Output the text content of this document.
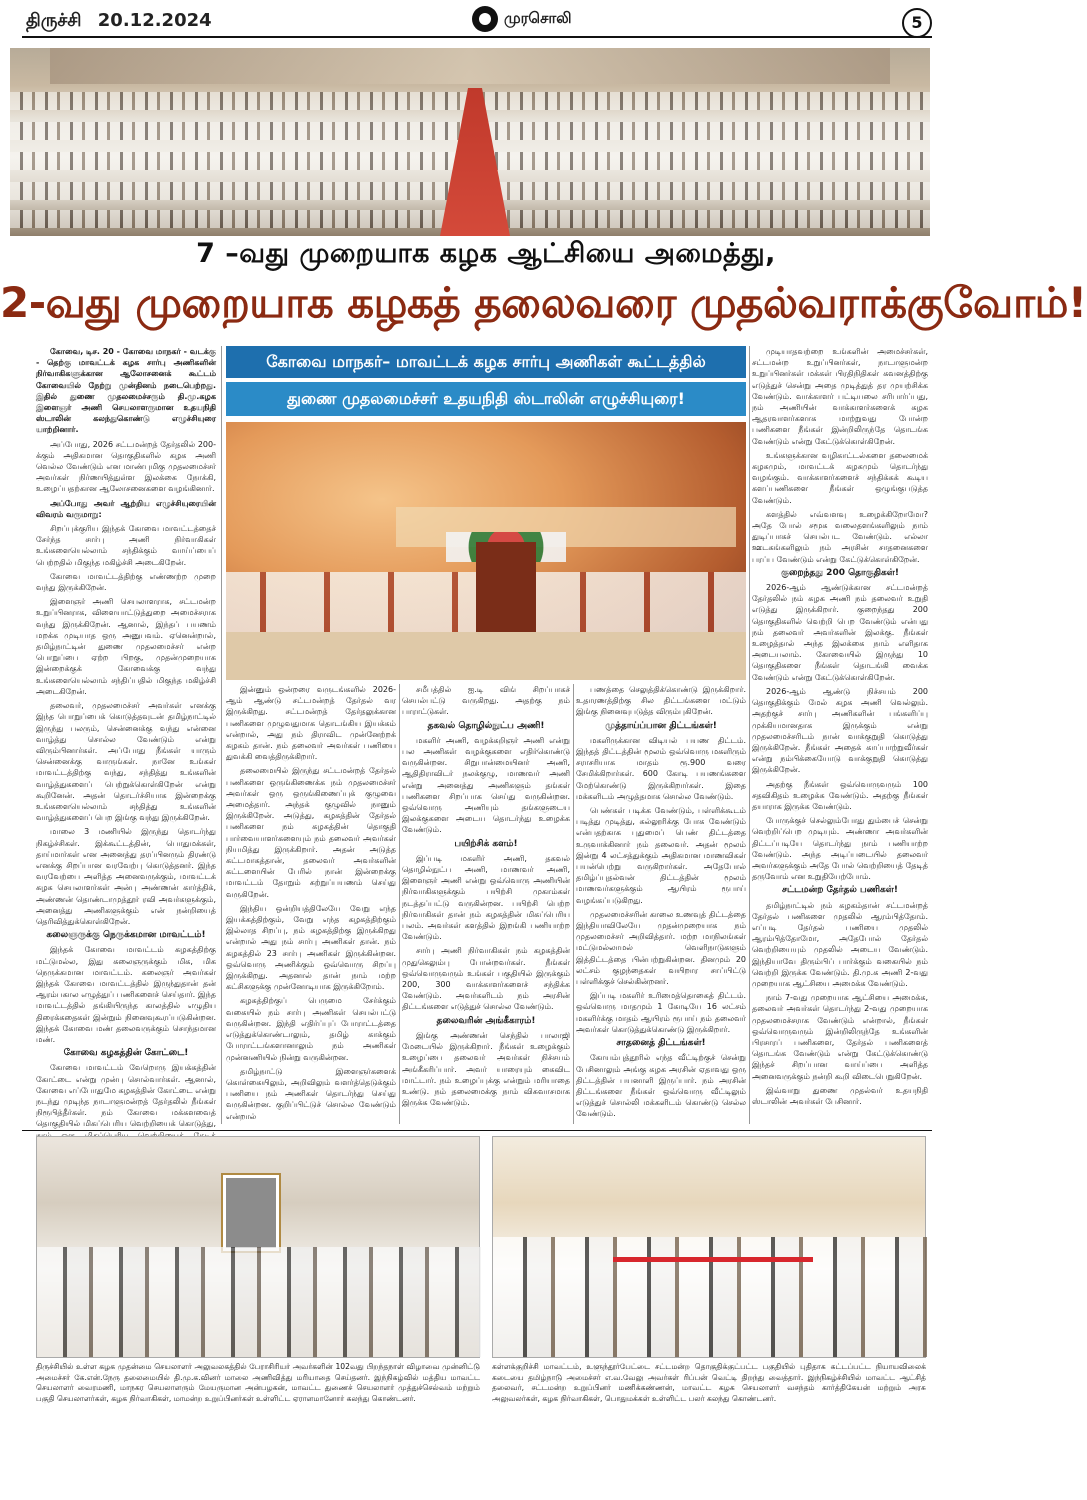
திருச்சி 20.12.2024	முரசொலி	5
7 –வது முறையாக கழக ஆட்சியை அமைத்து,
2-வது முறையாக கழகத் தலைவரை முதல்வராக்குவோம்!
கோவை மாநகர்– மாவட்டக் கழக சார்பு அணிகள் கூட்டத்தில்
துணை முதலமைச்சர் உதயநிதி ஸ்டாலின் எழுச்சியுரை!

கோவை, டிச. 20 - கோவை மாநகர் - வடக்கு - தெற்கு மாவட்டக் கழக சார்பு அணிகளின் நிர்வாகிகளுக்கான ஆலோசனைக் கூட்டம் கோவையில் நேற்று முன்தினம் நடைபெற்றது. இதில் துணை முதலமைச்சரும் தி.மு.கழக இளைஞர் அணி செயலாளருமான உதயநிதி ஸ்டாலின் கலந்துகொண்டு எழுச்சியுரை யாற்றினார்.

அப்போது, 2026 சட்டமன்றத் தேர்தலில் 200-க்கும் அதிகமான தொகுதிகளில் கழக அணி வெல்ல வேண்டும் என மாண்புமிகு முதலமைச்சர் அவர்கள் நிர்ணயித்துள்ள இலக்கை நோக்கி, உழைப்பதற்கான ஆலோசனைகளை வழங்கினார்.

அப்போது அவர் ஆற்றிய எழுச்சியுரையின் விவரம் வருமாறு:

சிறப்புக்குரிய இந்தக் கோவை மாவட்டத்தைச் சேர்ந்த சார்பு அணி நிர்வாகிகள் உங்களையெல்லாம் சந்திக்கும் வாய்ப்பைப் பெற்றதில் மிகுந்த மகிழ்ச்சி அடைகிறேன்.

கோவை மாவட்டத்திற்கு எண்ணற்ற முறை வந்து இருக்கிறேன்.

இளைஞர் அணி செயலாளராக, சட்டமன்ற உறுப்பினராக, விளையாட்டுத்துறை அமைச்சராக வந்து இருக்கிறேன். ஆனால், இந்தப் பயணம் மறக்க முடியாத ஒரு அனுபவம். ஏனென்றால், தமிழ்நாட்டின் துணை முதலமைச்சர் என்ற பொறுப்பை ஏற்ற பிறகு, முதன்முறையாக இன்றைக்குக் கோவைக்கு வந்து உங்களையெல்லாம் சந்திப்பதில் மிகுந்த மகிழ்ச்சி அடைகிறேன்.

தலைவர், முதலமைச்சர் அவர்கள் எனக்கு இந்த பொறுப்பைக் கொடுத்தவுடன் தமிழ்நாட்டில் இருந்து பலரும், சென்னைக்கு வந்து என்னை வாழ்த்து சொல்ல வேண்டும் என்று விரும்பினார்கள். அப்போது நீங்கள் யாரும் சென்னைக்கு வாருங்கள். நானே உங்கள் மாவட்டத்திற்கு வந்து, சந்தித்து உங்களின் வாழ்த்துகளைப் பெற்றுக்கொள்கிறேன் என்று கூறினேன். அதன் தொடர்ச்சியாக இன்றைக்கு உங்களையெல்லாம் சந்தித்து உங்களின் வாழ்த்துகளைப் பெற இங்கு வந்து இருக்கிறேன்.

மாலை 3 மணியில் இருந்து தொடர்ந்து நிகழ்ச்சிகள். இக்கூட்டத்தின், பொதுமக்கள், தாய்மார்கள் என அனைத்து தரப்பினரும் திரண்டு எனக்கு சிறப்பான வரவேற்பு கொடுத்தனர். இந்த வரவேற்பை அளித்த அனைவருக்கும், மாவட்டக் கழக செயலாளர்கள் அன்பு அண்ணன் கார்த்திக், அண்ணன் தொண்டாமுத்தூர் ரவி அவர்களுக்கும், அனைத்து அணிகளுக்கும் என் நன்றியைத் தெரிவித்துக்கொள்கிறேன்.

கலைஞருக்கு நெருக்கமான மாவட்டம்!

இந்தக் கோவை மாவட்டம் கழகத்திற்கு மட்டுமல்ல, இது கலைஞருக்கும் மிக, மிக நெருக்கமான மாவட்டம். கலைஞர் அவர்கள் இந்தக் கோவை மாவட்டத்தில் இருந்துதான் தன் ஆரம்பகால எழுத்துப் பணிகளைச் செய்தார். இந்த மாவட்டத்தில் தங்கியிருந்த காலத்தில் எழுதிய திரைக்கதைகள் இன்றும் நினைவுகூரப்படுகின்றன. இந்தக் கோவை மண் தலைவருக்கும் சொந்தமான மண்.

கோவை கழகத்தின் கோட்டை!

கோவை மாவட்டம் வேறொரு இயக்கத்தின் கோட்டை என்று முன்பு சொல்வார்கள். ஆனால், கோவை எப்போதுமே கழகத்தின் கோட்டை என்று நடந்து முடிந்த நாடாளுமன்றத் தேர்தலில் நீங்கள் நிரூபித்தீர்கள். நம் கோவை மக்களவைத் தொகுதியில் மிகப்பெரிய வெற்றியைக் கொடுத்து,

இன்னும் ஒன்றரை வருடங்களில் 2026-ஆம் ஆண்டு சட்டமன்றத் தேர்தல் வர இருக்கிறது. சட்டமன்றத் தேர்தலுக்கான பணிகளை முழுவதுமாக தொடங்கிய இயக்கம் என்றால், அது நம் திராவிட முன்னேற்றக் கழகம் தான். நம் தலைவர் அவர்கள் பணியை துவக்கி வைத்திருக்கிறார்.

தலைமையில் இருந்து சட்டமன்றத் தேர்தல் பணிகளை ஒருங்கிணைக்க நம் முதலமைச்சர் அவர்கள் ஒரு ஒருங்கிணைப்புக் குழுவை அமைத்தார். அந்தக் குழுவில் நானும் இருக்கிறேன். அடுத்து, கழகத்தின் தேர்தல் பணிகளை நம் கழகத்தின் தொகுதி பார்வையாளர்களையும் நம் தலைவர் அவர்கள் நியமித்து இருக்கிறார். அதன் அடுத்த கட்டமாகத்தான், தலைவர் அவர்களின் கட்டளையின் பேரில் நான் இன்றைக்கு மாவட்டம் தோறும் சுற்றுப்பயணம் செய்து வருகிறேன்.

இந்திய ஒன்றியத்திலேயே வேறு எந்த இயக்கத்திற்கும், வேறு எந்த கழகத்திற்கும் இல்லாத சிறப்பு, நம் கழகத்திற்கு இருக்கிறது என்றால் அது நம் சார்பு அணிகள் தான். நம் கழகத்தில் 23 சார்பு அணிகள் இருக்கின்றன. ஒவ்வொரு அணிக்கும் ஒவ்வொரு சிறப்பு இருக்கிறது. அதனால் தான் நாம் மற்ற கட்சிகளுக்கு முன்னோடியாக இருக்கிறோம்.

கழகத்திற்குப் பெருமை சேர்க்கும் வகையில் நம் சார்பு அணிகள் செயல்பட்டு வருகின்றன. இந்தி எதிர்ப்புப் போராட்டத்தை எடுத்துக்கொண்டாலும், தமிழ் காக்கும் போராட்டங்களானாலும் நம் அணிகள் முன்னணியில் நின்று வருகின்றன.

தமிழ்நாட்டு இளைஞர்களைக் கொள்கையிலும், அறிவிலும் வளர்த்தெடுக்கும் பணியை நம் அணிகள் தொடர்ந்து செய்து வருகின்றன. குறிப்பிட்டுச் சொல்ல வேண்டும் என்றால்

சமீபத்தில் ஐ.டி விங் சிறப்பாகச் செயல்பட்டு வருகிறது. அதற்கு நம் பாராட்டுகள்.

தகவல் தொழில்நுட்ப அணி!

மகளிர் அணி, வழக்கறிஞர் அணி என்று பல அணிகள் வழக்குகளை எதிர்கொண்டு வருகின்றன. சிறுபான்மையினர் அணி, ஆதிதிராவிடர் நலக்குழு, மாணவர் அணி என்று அனைத்து அணிகளும் தங்கள் பணிகளை சிறப்பாக செய்து வருகின்றன. ஒவ்வொரு அணியும் தங்களுடைய இலக்குகளை அடைய தொடர்ந்து உழைக்க வேண்டும்.

பயிற்சிக் களம்!

இப்படி மகளிர் அணி, தகவல் தொழில்நுட்ப அணி, மாணவர் அணி, இளைஞர் அணி என்று ஒவ்வொரு அணியின் நிர்வாகிகளுக்கும் பயிற்சி முகாம்கள் நடத்தப்பட்டு வருகின்றன. பயிற்சி பெற்ற நிர்வாகிகள் தான் நம் கழகத்தின் மிகப்பெரிய பலம். அவர்கள் களத்தில் இறங்கி பணியாற்ற வேண்டும்.

சார்பு அணி நிர்வாகிகள் நம் கழகத்தின் முதுகெலும்பு போன்றவர்கள். நீங்கள் ஒவ்வொருவரும் உங்கள் பகுதியில் இருக்கும் 200, 300 வாக்காளர்களைச் சந்திக்க வேண்டும். அவர்களிடம் நம் அரசின் திட்டங்களை எடுத்துச் சொல்ல வேண்டும்.

தலைவரின் அங்கீகாரம்!

இங்கு அண்ணன் செந்தில் பாலாஜி மேடையில் இருக்கிறார். நீங்கள் உழைக்கும் உழைப்பை தலைவர் அவர்கள் நிச்சயம் அங்கீகரிப்பார். அவர் யாரையும் கைவிட மாட்டார். நம் உழைப்புக்கு என்றும் மரியாதை உண்டு. நம் தலைமைக்கு நாம் விசுவாசமாக இருக்க வேண்டும்.

பணத்தை செலுத்திக்கொண்டு இருக்கிறார். உதாரணத்திற்கு சில திட்டங்களை மட்டும் இங்கு நினைவுபடுத்த விரும்புகிறேன்.

முத்தாய்ப்பான திட்டங்கள்!

மகளிருக்கான விடியல் பயண திட்டம். இந்தத் திட்டத்தின் மூலம் ஒவ்வொரு மகளிரும் சராசரியாக மாதம் ரூ.900 வரை சேமிக்கிறார்கள். 600 கோடி பயணங்களை மேற்கொண்டு இருக்கிறார்கள். இதை மக்களிடம் அழுத்தமாக சொல்ல வேண்டும்.

பெண்கள் படிக்க வேண்டும், பள்ளிக்கூடம் படித்து முடித்து, கல்லூரிக்கு போக வேண்டும் என்பதற்காக புதுமைப் பெண் திட்டத்தை உருவாக்கினார் நம் தலைவர். அதன் மூலம் இன்று 4 லட்சத்துக்கும் அதிகமான மாணவிகள் பயன்பெற்று வருகிறார்கள். அதேபோல் தமிழ்ப்புதல்வன் திட்டத்தின் மூலம் மாணவர்களுக்கும் ஆயிரம் ரூபாய் வழங்கப்படுகிறது.

முதலமைச்சரின் காலை உணவுத் திட்டத்தை இந்தியாவிலேயே முதன்முறையாக நம் முதலமைச்சர் அறிவித்தார். மற்ற மாநிலங்கள் மட்டுமல்லாமல் வெளிநாடுகளும் இத்திட்டத்தை பின்பற்றுகின்றன. தினமும் 20 லட்சம் குழந்தைகள் வயிறார சாப்பிட்டு பள்ளிக்குச் செல்கின்றனர்.

இப்படி மகளிர் உரிமைத்தொகைத் திட்டம். ஒவ்வொரு மாதமும் 1 கோடியே 16 லட்சம் மகளிர்க்கு மாதம் ஆயிரம் ரூபாய் நம் தலைவர் அவர்கள் கொடுத்துக்கொண்டு இருக்கிறார்.

சாதனைத் திட்டங்கள்!

கோயம்புத்தூரில் எந்த வீட்டிற்குச் சென்று பேசினாலும் அங்கு கழக அரசின் ஏதாவது ஒரு திட்டத்தின் பயனாளி இருப்பார். நம் அரசின் திட்டங்களை நீங்கள் ஒவ்வொரு வீட்டிலும் எடுத்துச் சொல்லி மக்களிடம் கொண்டு செல்ல வேண்டும்.

முடியாதவற்றை உங்களின் அமைச்சர்கள், சட்டமன்ற உறுப்பினர்கள், நாடாளுமன்ற உறுப்பினர்கள் மக்கள் பிரதிநிதிகள் கவனத்திற்கு எடுத்துச் சென்று அதை முடித்துத் தர முயற்சிக்க வேண்டும். வாக்காளர் பட்டியலை சரிபார்ப்பது, நம் அணியின் வாக்காளர்களைக் கழக ஆதரவாளர்களாக மாற்றுவது போன்ற பணிகளை நீங்கள் இன்றிலிருந்தே தொடங்க வேண்டும் என்று கேட்டுக்கொள்கிறேன்.

உங்களுக்கான வழிகாட்டல்களை தலைமைக் கழகமும், மாவட்டக் கழகமும் தொடர்ந்து வழங்கும். வாக்காளர்களைச் சந்திக்கக் கூடிய களப்பணிகளை நீங்கள் ஒழுங்குபடுத்த வேண்டும்.

களத்தில் எவ்வளவு உழைக்கிறோமோ? அதே போல் சமூக வலைதளங்களிலும் நாம் துடிப்பாகச் செயல்பட வேண்டும். எல்லா ஊடகங்களிலும் நம் அரசின் சாதனைகளை பரப்ப வேண்டும் என்று கேட்டுக்கொள்கிறேன்.

குறைந்தது 200 தொகுதிகள்!

2026-ஆம் ஆண்டுக்கான சட்டமன்றத் தேர்தலில் நம் கழக அணி நம் தலைவர் உறுதி எடுத்து இருக்கிறார். குறைந்தது 200 தொகுதிகளில் வெற்றி பெற வேண்டும் என்பது நம் தலைவர் அவர்களின் இலக்கு. நீங்கள் உழைத்தால் அந்த இலக்கை நாம் எளிதாக அடையலாம். கோவையில் இருந்து 10 தொகுதிகளை நீங்கள் தொடங்கி வைக்க வேண்டும் என்று கேட்டுக்கொள்கிறேன்.

2026-ஆம் ஆண்டு நிச்சயம் 200 தொகுதிக்கும் மேல் கழக அணி வெல்லும். அதற்குச் சார்பு அணிகளின் பங்களிப்பு முக்கியமானதாக இருக்கும் என்று முதலமைச்சரிடம் நான் வாக்குறுதி கொடுத்து இருக்கிறேன். நீங்கள் அதைக் காப்பாற்றுவீர்கள் என்று நம்பிக்கையோடு வாக்குறுதி கொடுத்து இருக்கிறேன்.

அதற்கு நீங்கள் ஒவ்வொருவரும் 100 சதவிகிதம் உழைக்க வேண்டும். அதற்கு நீங்கள் தயாராக இருக்க வேண்டும்.

போருக்குச் செல்லும்போது தும்பைச் சென்று வெற்றிப்பெற முடியும். அண்ணா அவர்களின் திட்டப்படியே தொடர்ந்து நாம் பணியாற்ற வேண்டும். அந்த அடிப்படையில் தலைவர் அவர்களுக்கும் அதே போல் வெற்றியைத் தேடித் தருவோம் என உறுதியேற்போம்.

சட்டமன்ற தேர்தல் பணிகள்!

தமிழ்நாட்டில் நம் கழகம்தான் சட்டமன்றத் தேர்தல் பணிகளை முதலில் ஆரம்பித்தோம். எப்படி தேர்தல் பணியை முதலில் ஆரம்பித்தோமோ, அதேபோல் தேர்தல் வெற்றியையும் முதலில் அடைய வேண்டும். இந்தியாவே திரும்பிப் பார்க்கும் வகையில் நம் வெற்றி இருக்க வேண்டும். தி.மு.க அணி 2-வது முறையாக ஆட்சியை அமைக்க வேண்டும்.

நாம் 7-வது முறையாக ஆட்சியை அமைக்க, தலைவர் அவர்கள் தொடர்ந்து 2-வது முறையாக முதலமைச்சராக வேண்டும் என்றால், நீங்கள் ஒவ்வொருவரும் இன்றிலிருந்தே உங்களின் பிரசாரப் பணிகளை, தேர்தல் பணிகளைத் தொடங்க வேண்டும் என்று கேட்டுக்கொண்டு இந்தச் சிறப்பான வாய்ப்பை அளித்த அனைவருக்கும் நன்றி கூறி விடைபெறுகிறேன்.

இவ்வாறு துணை முதல்வர் உதயநிதி ஸ்டாலின் அவர்கள் பேசினார்.

திருச்சியில் உள்ள கழக முதன்மை செயலாளர் அலுவலகத்தில் பேராசிரியர் அவர்களின் 102வது பிறந்தநாள் விழாவை முன்னிட்டு அமைச்சர் கே.என்.நேரு தலைமையில் தி.மு.க.வினர் மாலை அணிவித்து மரியாதை செய்தனர். இந்நிகழ்வில் மத்திய மாவட்ட செயலாளர் வைரமணி, மாநகர செயலாளரும் மேயருமான அன்பழகன், மாவட்ட துணைச் செயலாளர் முத்துச்செல்வம் மற்றும் பகுதி செயலாளர்கள், கழக நிர்வாகிகள், மாமன்ற உறுப்பினர்கள் உள்ளிட்ட ஏராளமானோர் கலந்து கொண்டனர்.
கள்ளக்குறிச்சி மாவட்டம், உளுந்தூர்பேட்டை சட்டமன்ற தொகுதிக்குட்பட்ட பகுதியில் புதிதாக கட்டப்பட்ட நியாயவிலைக் கடையை தமிழ்நாடு அமைச்சர் எ.வ.வேலு அவர்கள் ரிப்பன் வெட்டி திறந்து வைத்தார். இந்நிகழ்ச்சியில் மாவட்ட ஆட்சித் தலைவர், சட்டமன்ற உறுப்பினர் மணிக்கண்ணன், மாவட்ட கழக செயலாளர் வசந்தம் கார்த்திகேயன் மற்றும் அரசு அலுவலர்கள், கழக நிர்வாகிகள், பொதுமக்கள் உள்ளிட்ட பலர் கலந்து கொண்டனர்.
